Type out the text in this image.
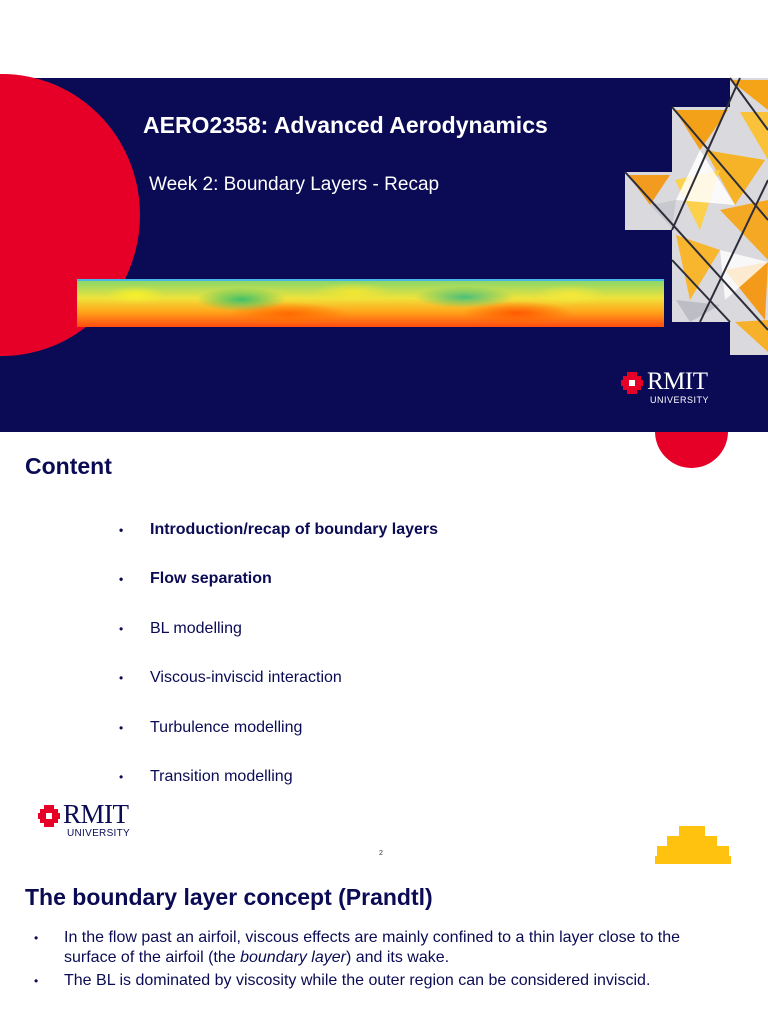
AERO2358: Advanced Aerodynamics

Week 2: Boundary Layers - Recap

RMIT
UNIVERSITY
Content
• Introduction/recap of boundary layers
• Flow separation
• BL modelling
• Viscous-inviscid interaction
• Turbulence modelling
• Transition modelling
RMIT
UNIVERSITY
2
The boundary layer concept (Prandtl)
• In the flow past an airfoil, viscous effects are mainly confined to a thin layer close to the surface of the airfoil (the boundary layer) and its wake.
• The BL is dominated by viscosity while the outer region can be considered inviscid.
